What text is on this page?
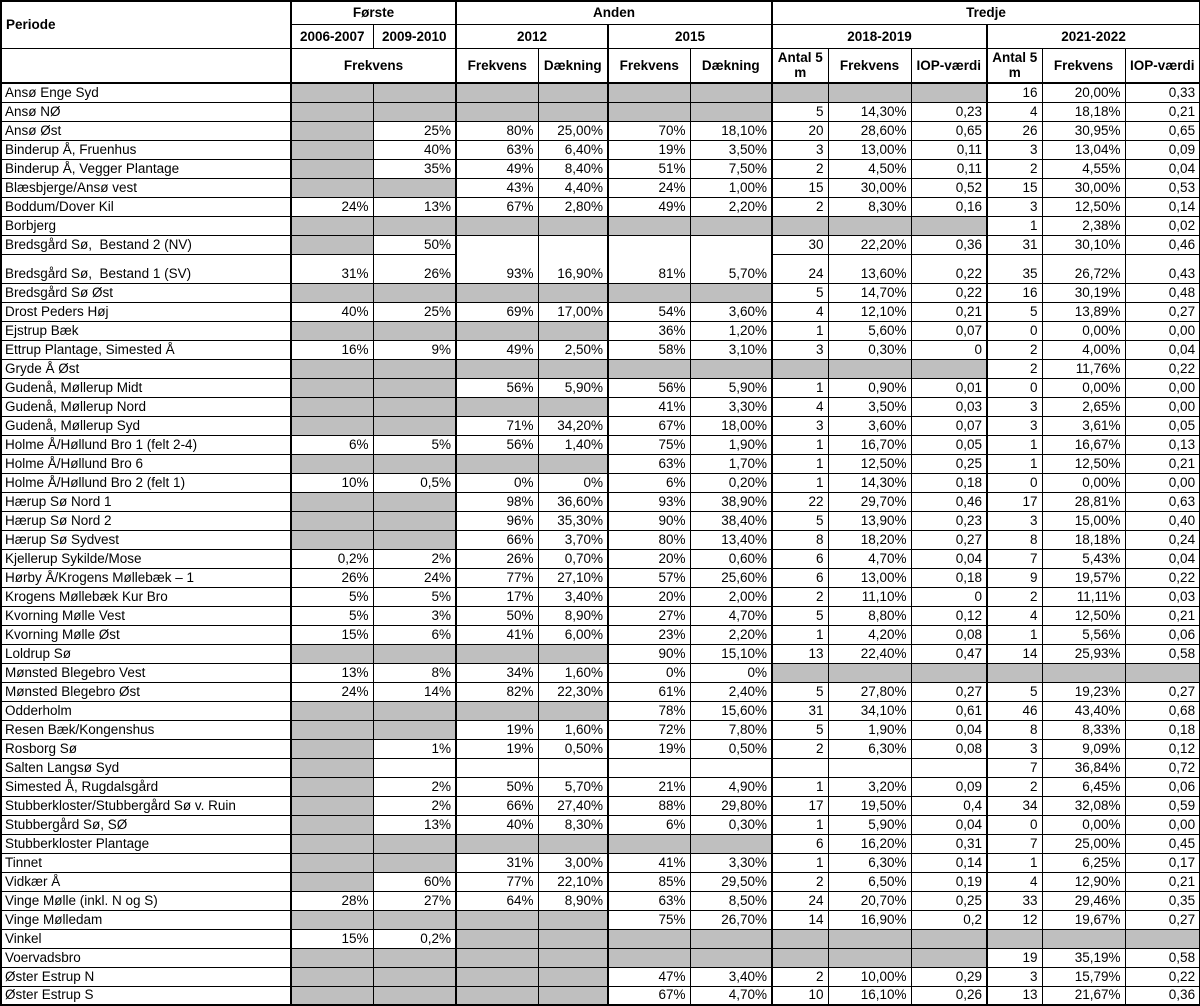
Periode	Første		Anden				Tredje					
	2006-2007	2009-2010	2012		2015		2018-2019			2021-2022		
	Frekvens		Frekvens	Dækning	Frekvens	Dækning	Antal 5 m	Frekvens	IOP-værdi	Antal 5 m	Frekvens	IOP-værdi
Ansø Enge Syd										16	20,00%	0,33
Ansø NØ							5	14,30%	0,23	4	18,18%	0,21
Ansø Øst		25%	80%	25,00%	70%	18,10%	20	28,60%	0,65	26	30,95%	0,65
Binderup Å, Fruenhus		40%	63%	6,40%	19%	3,50%	3	13,00%	0,11	3	13,04%	0,09
Binderup Å, Vegger Plantage		35%	49%	8,40%	51%	7,50%	2	4,50%	0,11	2	4,55%	0,04
Blæsbjerge/Ansø vest			43%	4,40%	24%	1,00%	15	30,00%	0,52	15	30,00%	0,53
Boddum/Dover Kil	24%	13%	67%	2,80%	49%	2,20%	2	8,30%	0,16	3	12,50%	0,14
Borbjerg										1	2,38%	0,02
Bredsgård Sø,  Bestand 2 (NV)		50%					30	22,20%	0,36	31	30,10%	0,46
Bredsgård Sø,  Bestand 1 (SV)	31%	26%	93%	16,90%	81%	5,70%	24	13,60%	0,22	35	26,72%	0,43
Bredsgård Sø Øst							5	14,70%	0,22	16	30,19%	0,48
Drost Peders Høj	40%	25%	69%	17,00%	54%	3,60%	4	12,10%	0,21	5	13,89%	0,27
Ejstrup Bæk					36%	1,20%	1	5,60%	0,07	0	0,00%	0,00
Ettrup Plantage, Simested Å	16%	9%	49%	2,50%	58%	3,10%	3	0,30%	0	2	4,00%	0,04
Gryde Å Øst										2	11,76%	0,22
Gudenå, Møllerup Midt			56%	5,90%	56%	5,90%	1	0,90%	0,01	0	0,00%	0,00
Gudenå, Møllerup Nord					41%	3,30%	4	3,50%	0,03	3	2,65%	0,00
Gudenå, Møllerup Syd			71%	34,20%	67%	18,00%	3	3,60%	0,07	3	3,61%	0,05
Holme Å/Høllund Bro 1 (felt 2-4)	6%	5%	56%	1,40%	75%	1,90%	1	16,70%	0,05	1	16,67%	0,13
Holme Å/Høllund Bro 6					63%	1,70%	1	12,50%	0,25	1	12,50%	0,21
Holme Å/Høllund Bro 2 (felt 1)	10%	0,5%	0%	0%	6%	0,20%	1	14,30%	0,18	0	0,00%	0,00
Hærup Sø Nord 1			98%	36,60%	93%	38,90%	22	29,70%	0,46	17	28,81%	0,63
Hærup Sø Nord 2			96%	35,30%	90%	38,40%	5	13,90%	0,23	3	15,00%	0,40
Hærup Sø Sydvest			66%	3,70%	80%	13,40%	8	18,20%	0,27	8	18,18%	0,24
Kjellerup Sykilde/Mose	0,2%	2%	26%	0,70%	20%	0,60%	6	4,70%	0,04	7	5,43%	0,04
Hørby Å/Krogens Møllebæk – 1	26%	24%	77%	27,10%	57%	25,60%	6	13,00%	0,18	9	19,57%	0,22
Krogens Møllebæk Kur Bro	5%	5%	17%	3,40%	20%	2,00%	2	11,10%	0	2	11,11%	0,03
Kvorning Mølle Vest	5%	3%	50%	8,90%	27%	4,70%	5	8,80%	0,12	4	12,50%	0,21
Kvorning Mølle Øst	15%	6%	41%	6,00%	23%	2,20%	1	4,20%	0,08	1	5,56%	0,06
Loldrup Sø					90%	15,10%	13	22,40%	0,47	14	25,93%	0,58
Mønsted Blegebro Vest	13%	8%	34%	1,60%	0%	0%						
Mønsted Blegebro Øst	24%	14%	82%	22,30%	61%	2,40%	5	27,80%	0,27	5	19,23%	0,27
Odderholm					78%	15,60%	31	34,10%	0,61	46	43,40%	0,68
Resen Bæk/Kongenshus			19%	1,60%	72%	7,80%	5	1,90%	0,04	8	8,33%	0,18
Rosborg Sø		1%	19%	0,50%	19%	0,50%	2	6,30%	0,08	3	9,09%	0,12
Salten Langsø Syd										7	36,84%	0,72
Simested Å, Rugdalsgård		2%	50%	5,70%	21%	4,90%	1	3,20%	0,09	2	6,45%	0,06
Stubberkloster/Stubbergård Sø v. Ruin		2%	66%	27,40%	88%	29,80%	17	19,50%	0,4	34	32,08%	0,59
Stubbergård Sø, SØ		13%	40%	8,30%	6%	0,30%	1	5,90%	0,04	0	0,00%	0,00
Stubberkloster Plantage							6	16,20%	0,31	7	25,00%	0,45
Tinnet			31%	3,00%	41%	3,30%	1	6,30%	0,14	1	6,25%	0,17
Vidkær Å		60%	77%	22,10%	85%	29,50%	2	6,50%	0,19	4	12,90%	0,21
Vinge Mølle (inkl. N og S)	28%	27%	64%	8,90%	63%	8,50%	24	20,70%	0,25	33	29,46%	0,35
Vinge Mølledam					75%	26,70%	14	16,90%	0,2	12	19,67%	0,27
Vinkel	15%	0,2%										
Voervadsbro										19	35,19%	0,58
Øster Estrup N					47%	3,40%	2	10,00%	0,29	3	15,79%	0,22
Øster Estrup S					67%	4,70%	10	16,10%	0,26	13	21,67%	0,36
